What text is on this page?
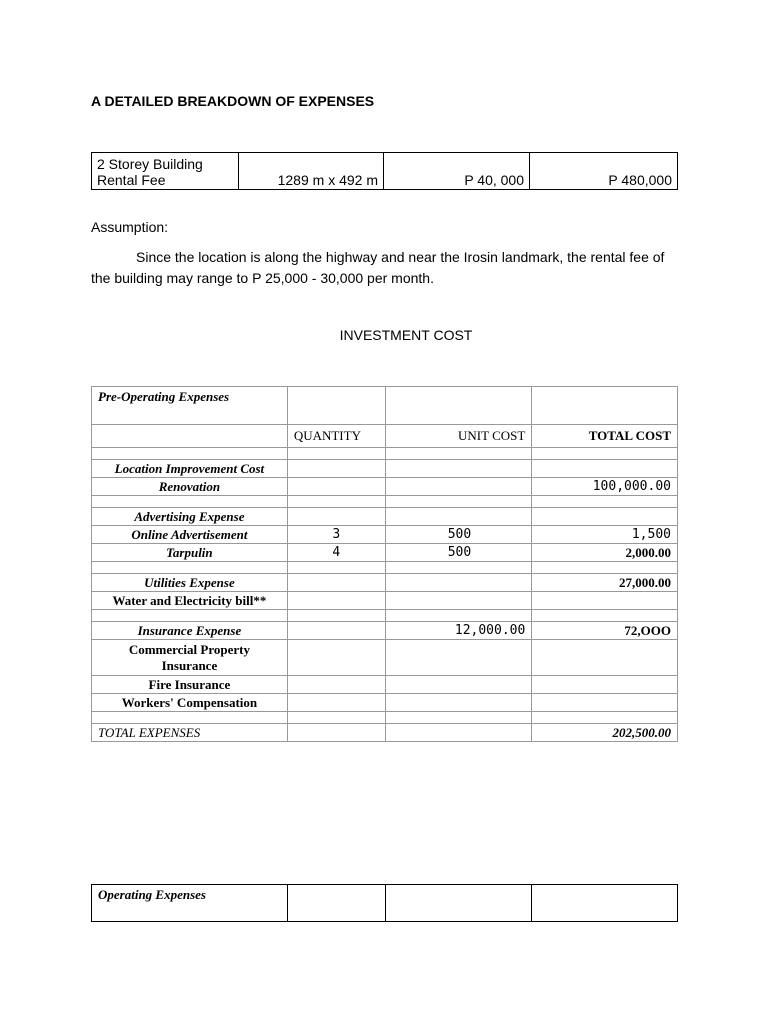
A DETAILED BREAKDOWN OF EXPENSES
2 Storey Building
Rental Fee	1289 m x 492 m	P 40, 000	P 480,000
Assumption:

Since the location is along the highway and near the Irosin landmark, the rental fee of the building may range to P 25,000 - 30,000 per month.

INVESTMENT COST
Pre-Operating Expenses			
	QUANTITY	UNIT COST	TOTAL COST

Location Improvement Cost			
Renovation			100,000.00

Advertising Expense			
Online Advertisement	3	500	1,500
Tarpulin	4	500	2,000.00

Utilities Expense			27,000.00
Water and Electricity bill**			

Insurance Expense		12,000.00	72,OOO
Commercial Property
Insurance			
Fire Insurance			
Workers' Compensation			

TOTAL EXPENSES			202,500.00
Operating Expenses			
